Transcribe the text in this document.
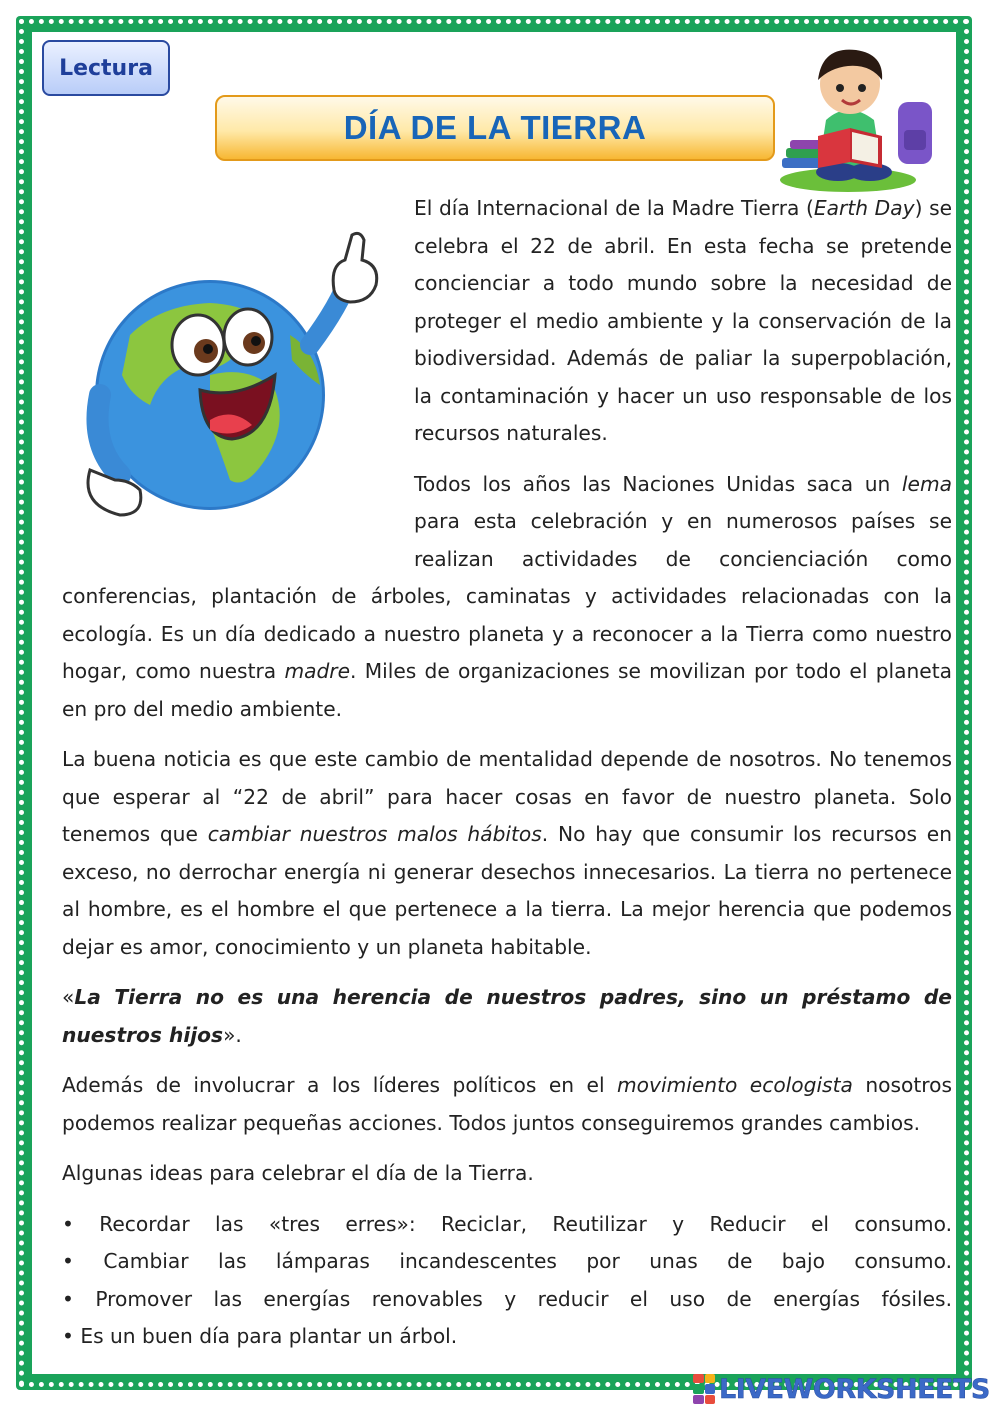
Lectura
DÍA DE LA TIERRA

El día Internacional de la Madre Tierra (Earth Day) se celebra el 22 de abril. En esta fecha se pretende concienciar a todo mundo sobre la necesidad de proteger el medio ambiente y la conservación de la biodiversidad. Además de paliar la superpoblación, la contaminación y hacer un uso responsable de los recursos naturales.

Todos los años las Naciones Unidas saca un lema para esta celebración y en numerosos países se realizan actividades de concienciación como conferencias, plantación de árboles, caminatas y actividades relacionadas con la ecología. Es un día dedicado a nuestro planeta y a reconocer a la Tierra como nuestro hogar, como nuestra madre. Miles de organizaciones se movilizan por todo el planeta en pro del medio ambiente.

La buena noticia es que este cambio de mentalidad depende de nosotros. No tenemos que esperar al “22 de abril” para hacer cosas en favor de nuestro planeta. Solo tenemos que cambiar nuestros malos hábitos. No hay que consumir los recursos en exceso, no derrochar energía ni generar desechos innecesarios. La tierra no pertenece al hombre, es el hombre el que pertenece a la tierra. La mejor herencia que podemos dejar es amor, conocimiento y un planeta habitable.

«La Tierra no es una herencia de nuestros padres, sino un préstamo de nuestros hijos».

Además de involucrar a los líderes políticos en el movimiento ecologista nosotros podemos realizar pequeñas acciones. Todos juntos conseguiremos grandes cambios.

Algunas ideas para celebrar el día de la Tierra.

• Recordar las «tres erres»: Reciclar, Reutilizar y Reducir el consumo.
• Cambiar las lámparas incandescentes por unas de bajo consumo.
• Promover las energías renovables y reducir el uso de energías fósiles.
• Es un buen día para plantar un árbol.
LIVEWORKSHEETS
